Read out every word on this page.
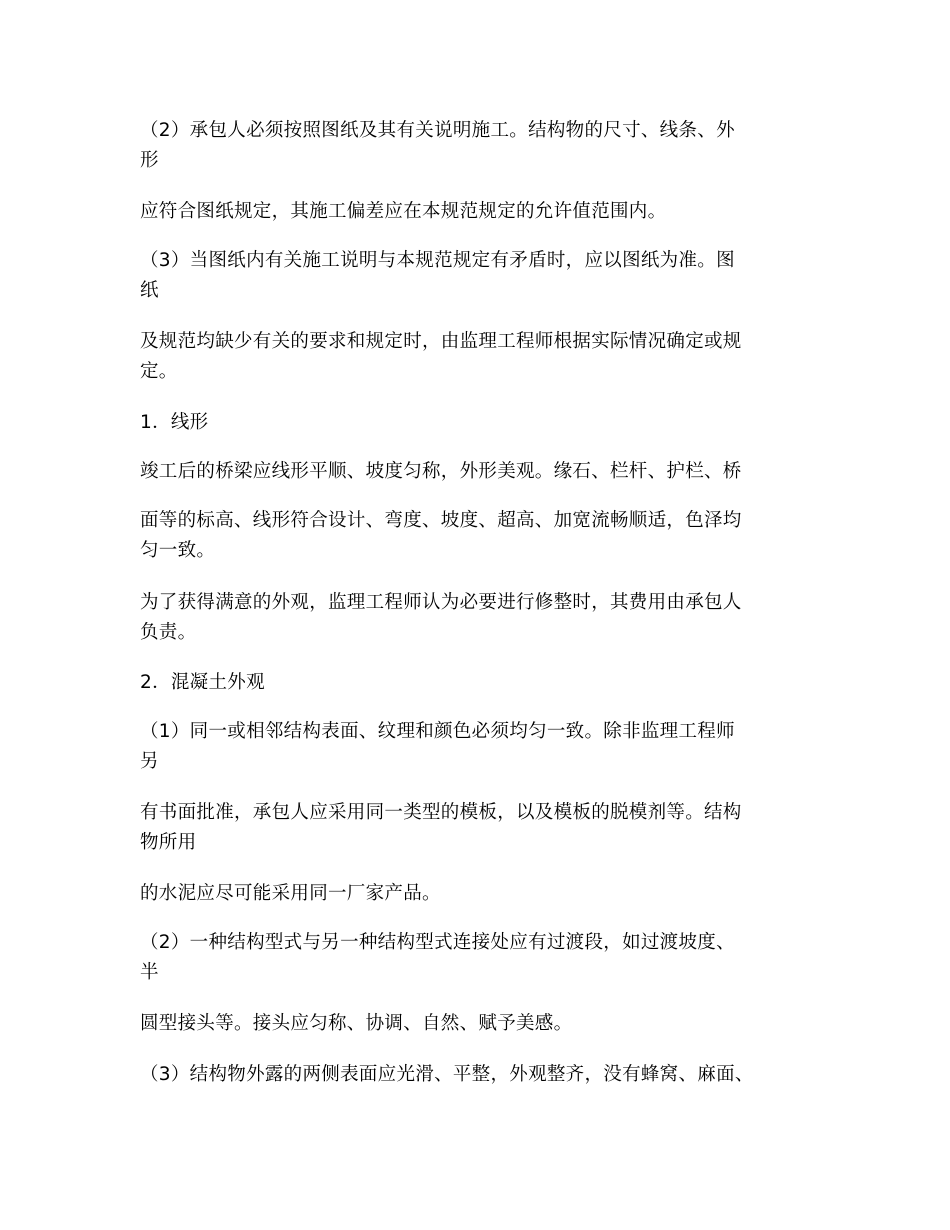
（2）承包人必须按照图纸及其有关说明施工。结构物的尺寸、线条、外
形
应符合图纸规定，其施工偏差应在本规范规定的允许值范围内。
（3）当图纸内有关施工说明与本规范规定有矛盾时，应以图纸为准。图
纸
及规范均缺少有关的要求和规定时，由监理工程师根据实际情况确定或规
定。
1．线形
竣工后的桥梁应线形平顺、坡度匀称，外形美观。缘石、栏杆、护栏、桥
面等的标高、线形符合设计、弯度、坡度、超高、加宽流畅顺适，色泽均
匀一致。
为了获得满意的外观，监理工程师认为必要进行修整时，其费用由承包人
负责。
2．混凝土外观
（1）同一或相邻结构表面、纹理和颜色必须均匀一致。除非监理工程师
另
有书面批准，承包人应采用同一类型的模板，以及模板的脱模剂等。结构
物所用
的水泥应尽可能采用同一厂家产品。
（2）一种结构型式与另一种结构型式连接处应有过渡段，如过渡坡度、
半
圆型接头等。接头应匀称、协调、自然、赋予美感。
（3）结构物外露的两侧表面应光滑、平整，外观整齐，没有蜂窝、麻面、
